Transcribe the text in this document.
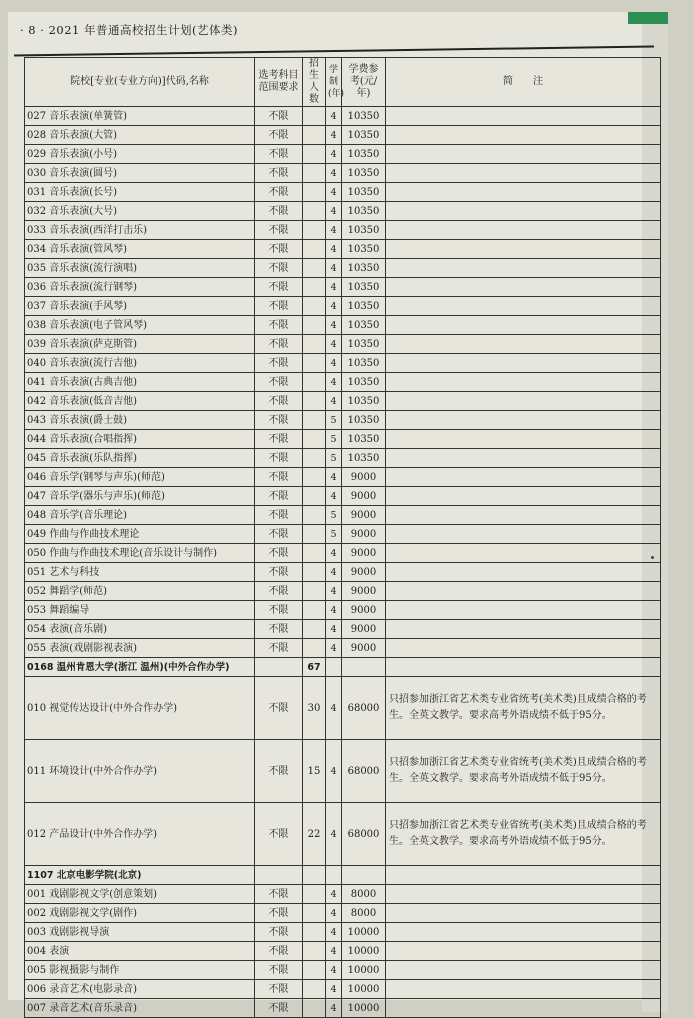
· 8 · 2021 年普通高校招生计划(艺体类)
院校[专业(专业方向)]代码,名称	选考科目范围要求	招生人数	学制(年)	学费参考(元/年)	简　　注
027 音乐表演(单簧管)	不限		4	10350	
028 音乐表演(大管)	不限		4	10350	
029 音乐表演(小号)	不限		4	10350	
030 音乐表演(圆号)	不限		4	10350	
031 音乐表演(长号)	不限		4	10350	
032 音乐表演(大号)	不限		4	10350	
033 音乐表演(西洋打击乐)	不限		4	10350	
034 音乐表演(管风琴)	不限		4	10350	
035 音乐表演(流行演唱)	不限		4	10350	
036 音乐表演(流行钢琴)	不限		4	10350	
037 音乐表演(手风琴)	不限		4	10350	
038 音乐表演(电子管风琴)	不限		4	10350	
039 音乐表演(萨克斯管)	不限		4	10350	
040 音乐表演(流行吉他)	不限		4	10350	
041 音乐表演(古典吉他)	不限		4	10350	
042 音乐表演(低音吉他)	不限		4	10350	
043 音乐表演(爵士鼓)	不限		5	10350	
044 音乐表演(合唱指挥)	不限		5	10350	
045 音乐表演(乐队指挥)	不限		5	10350	
046 音乐学(钢琴与声乐)(师范)	不限		4	9000	
047 音乐学(器乐与声乐)(师范)	不限		4	9000	
048 音乐学(音乐理论)	不限		5	9000	
049 作曲与作曲技术理论	不限		5	9000	
050 作曲与作曲技术理论(音乐设计与制作)	不限		4	9000	
051 艺术与科技	不限		4	9000	
052 舞蹈学(师范)	不限		4	9000	
053 舞蹈编导	不限		4	9000	
054 表演(音乐剧)	不限		4	9000	
055 表演(戏剧影视表演)	不限		4	9000	
0168 温州肯恩大学(浙江 温州)(中外合作办学)		67			
010 视觉传达设计(中外合作办学)	不限	30	4	68000	只招参加浙江省艺术类专业省统考(美术类)且成绩合格的考生。全英文教学。要求高考外语成绩不低于95分。
011 环境设计(中外合作办学)	不限	15	4	68000	只招参加浙江省艺术类专业省统考(美术类)且成绩合格的考生。全英文教学。要求高考外语成绩不低于95分。
012 产品设计(中外合作办学)	不限	22	4	68000	只招参加浙江省艺术类专业省统考(美术类)且成绩合格的考生。全英文教学。要求高考外语成绩不低于95分。
1107 北京电影学院(北京)					
001 戏剧影视文学(创意策划)	不限		4	8000	
002 戏剧影视文学(剧作)	不限		4	8000	
003 戏剧影视导演	不限		4	10000	
004 表演	不限		4	10000	
005 影视摄影与制作	不限		4	10000	
006 录音艺术(电影录音)	不限		4	10000	
007 录音艺术(音乐录音)	不限		4	10000	
